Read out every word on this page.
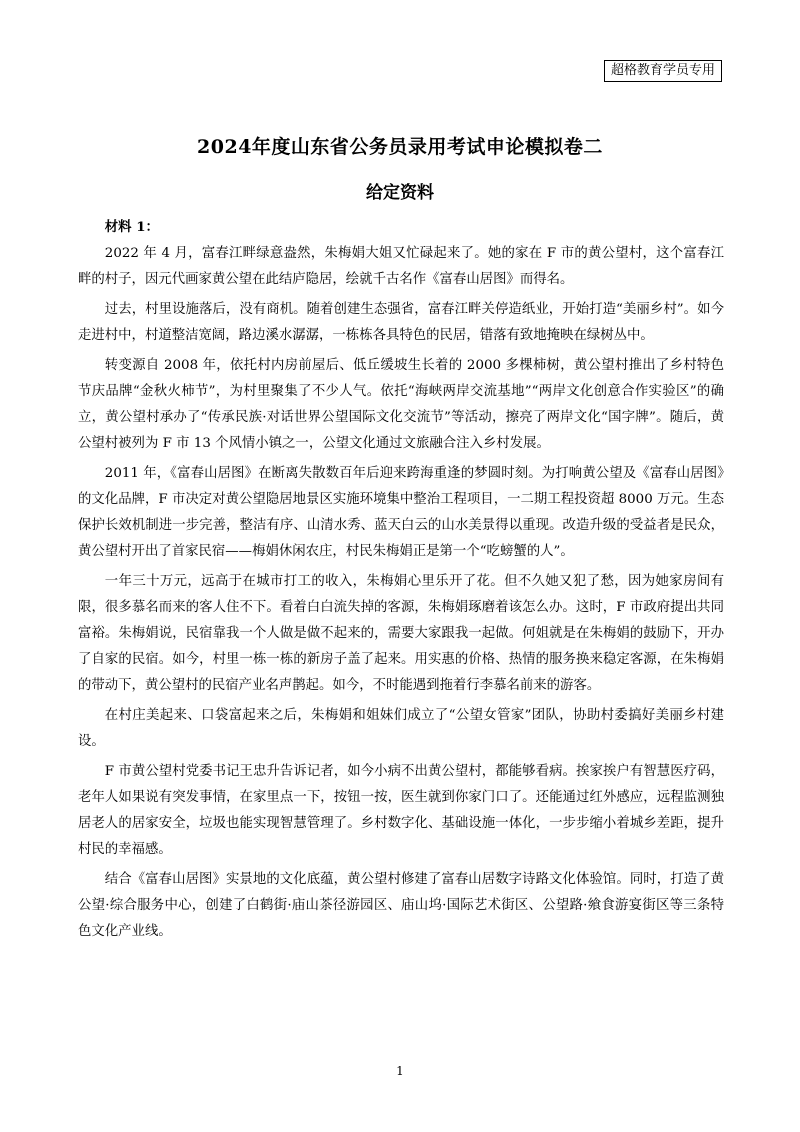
超格教育学员专用
2024年度山东省公务员录用考试申论模拟卷二
给定资料

材料 1：

2022 年 4 月，富春江畔绿意盎然，朱梅娟大姐又忙碌起来了。她的家在 F 市的黄公望村，这个富春江畔的村子，因元代画家黄公望在此结庐隐居，绘就千古名作《富春山居图》而得名。

过去，村里设施落后，没有商机。随着创建生态强省，富春江畔关停造纸业，开始打造“美丽乡村”。如今走进村中，村道整洁宽阔，路边溪水潺潺，一栋栋各具特色的民居，错落有致地掩映在绿树丛中。

转变源自 2008 年，依托村内房前屋后、低丘缓坡生长着的 2000 多棵柿树，黄公望村推出了乡村特色节庆品牌“金秋火柿节”，为村里聚集了不少人气。依托“海峡两岸交流基地”“两岸文化创意合作实验区”的确立，黄公望村承办了“传承民族·对话世界公望国际文化交流节”等活动，擦亮了两岸文化“国字牌”。随后，黄公望村被列为 F 市 13 个风情小镇之一，公望文化通过文旅融合注入乡村发展。

2011 年，《富春山居图》在断离失散数百年后迎来跨海重逢的梦圆时刻。为打响黄公望及《富春山居图》的文化品牌，F 市决定对黄公望隐居地景区实施环境集中整治工程项目，一二期工程投资超 8000 万元。生态保护长效机制进一步完善，整洁有序、山清水秀、蓝天白云的山水美景得以重现。改造升级的受益者是民众，黄公望村开出了首家民宿——梅娟休闲农庄，村民朱梅娟正是第一个“吃螃蟹的人”。

一年三十万元，远高于在城市打工的收入，朱梅娟心里乐开了花。但不久她又犯了愁，因为她家房间有限，很多慕名而来的客人住不下。看着白白流失掉的客源，朱梅娟琢磨着该怎么办。这时，F 市政府提出共同富裕。朱梅娟说，民宿靠我一个人做是做不起来的，需要大家跟我一起做。何姐就是在朱梅娟的鼓励下，开办了自家的民宿。如今，村里一栋一栋的新房子盖了起来。用实惠的价格、热情的服务换来稳定客源，在朱梅娟的带动下，黄公望村的民宿产业名声鹊起。如今，不时能遇到拖着行李慕名前来的游客。

在村庄美起来、口袋富起来之后，朱梅娟和姐妹们成立了“公望女管家”团队，协助村委搞好美丽乡村建设。

F 市黄公望村党委书记王忠升告诉记者，如今小病不出黄公望村，都能够看病。挨家挨户有智慧医疗码，老年人如果说有突发事情，在家里点一下，按钮一按，医生就到你家门口了。还能通过红外感应，远程监测独居老人的居家安全，垃圾也能实现智慧管理了。乡村数字化、基础设施一体化，一步步缩小着城乡差距，提升村民的幸福感。

结合《富春山居图》实景地的文化底蕴，黄公望村修建了富春山居数字诗路文化体验馆。同时，打造了黄公望·综合服务中心，创建了白鹤街·庙山茶径游园区、庙山坞·国际艺术街区、公望路·飨食游宴街区等三条特色文化产业线。

1
